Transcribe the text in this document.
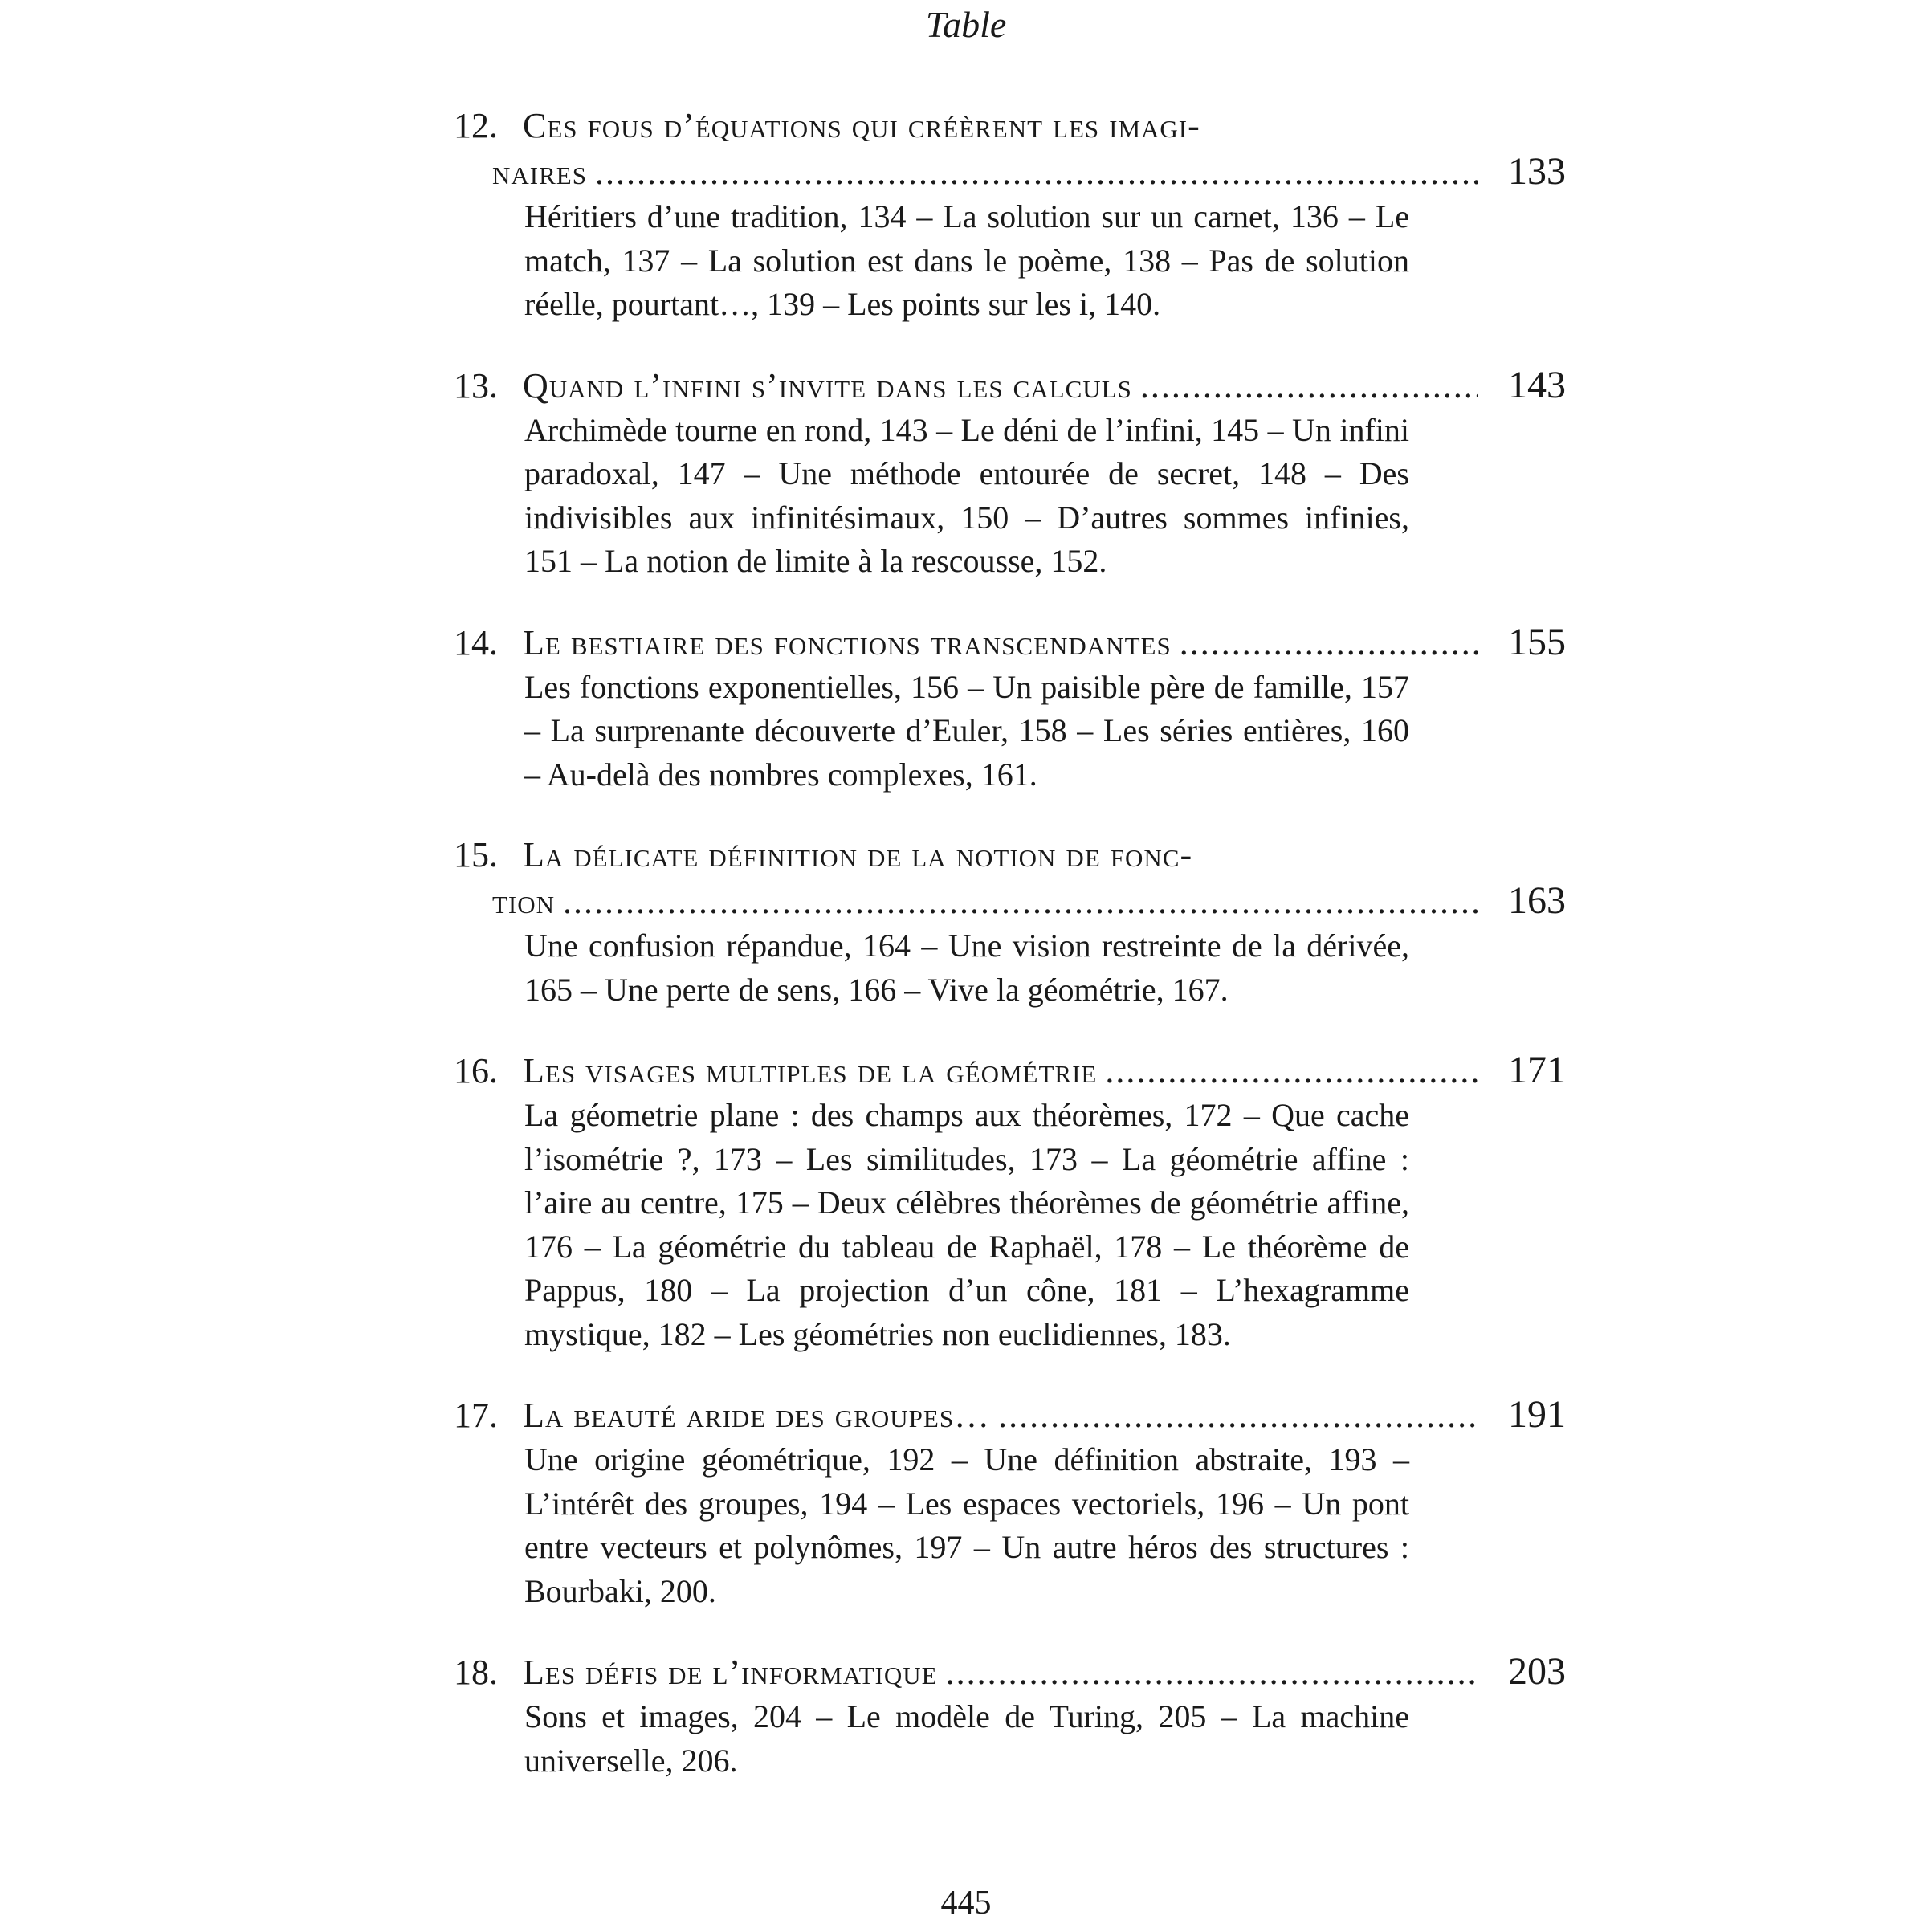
Table
12. Ces fous d’équations qui créèrent les imagi-
naires .....	133
Héritiers d’une tradition, 134 – La solution sur un carnet, 136 – Le match, 137 – La solution est dans le poème, 138 – Pas de solution réelle, pourtant…, 139 – Les points sur les i, 140.
13. Quand l’infini s’invite dans les calculs .....	143
Archimède tourne en rond, 143 – Le déni de l’infini, 145 – Un infini paradoxal, 147 – Une méthode entourée de secret, 148 – Des indivisibles aux infinitésimaux, 150 – D’autres sommes infinies, 151 – La notion de limite à la rescousse, 152.
14. Le bestiaire des fonctions transcendantes .....	155
Les fonctions exponentielles, 156 – Un paisible père de famille, 157 – La surprenante découverte d’Euler, 158 – Les séries entières, 160 – Au-delà des nombres complexes, 161.
15. La délicate définition de la notion de fonc-
tion .....	163
Une confusion répandue, 164 – Une vision restreinte de la dérivée, 165 – Une perte de sens, 166 – Vive la géométrie, 167.
16. Les visages multiples de la géométrie .....	171
La géometrie plane : des champs aux théorèmes, 172 – Que cache l’isométrie ?, 173 – Les similitudes, 173 – La géométrie affine : l’aire au centre, 175 – Deux célèbres théorèmes de géométrie affine, 176 – La géométrie du tableau de Raphaël, 178 – Le théorème de Pappus, 180 – La projection d’un cône, 181 – L’hexagramme mystique, 182 – Les géométries non euclidiennes, 183.
17. La beauté aride des groupes… .....	191
Une origine géométrique, 192 – Une définition abstraite, 193 – L’intérêt des groupes, 194 – Les espaces vectoriels, 196 – Un pont entre vecteurs et polynômes, 197 – Un autre héros des structures : Bourbaki, 200.
18. Les défis de l’informatique .....	203
Sons et images, 204 – Le modèle de Turing, 205 – La machine universelle, 206.
445
